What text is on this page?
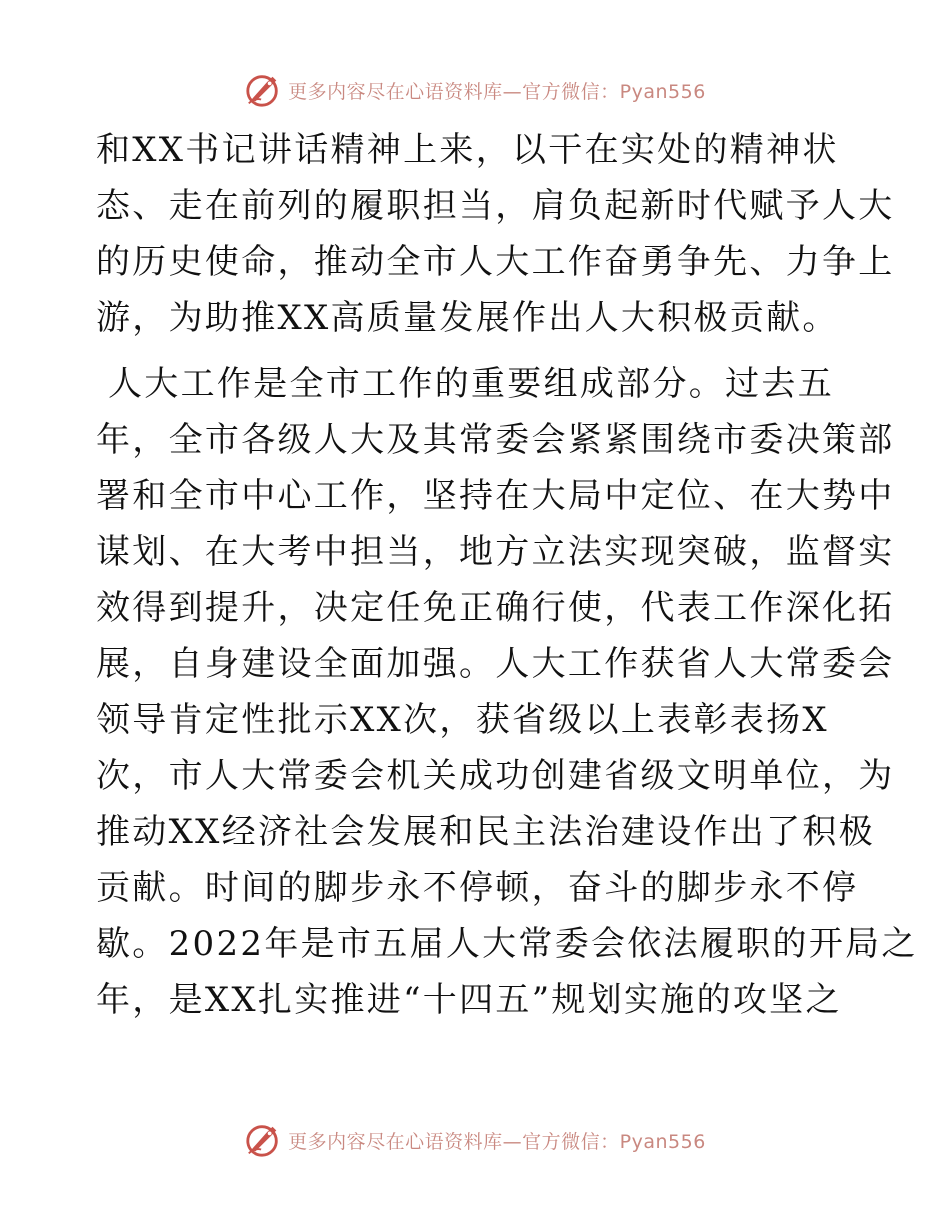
更多内容尽在心语资料库—官方微信：Pyan556

和XX书记讲话精神上来，以干在实处的精神状

态、走在前列的履职担当，肩负起新时代赋予人大

的历史使命，推动全市人大工作奋勇争先、力争上

游，为助推XX高质量发展作出人大积极贡献。

人大工作是全市工作的重要组成部分。过去五

年，全市各级人大及其常委会紧紧围绕市委决策部

署和全市中心工作，坚持在大局中定位、在大势中

谋划、在大考中担当，地方立法实现突破，监督实

效得到提升，决定任免正确行使，代表工作深化拓

展，自身建设全面加强。人大工作获省人大常委会

领导肯定性批示XX次，获省级以上表彰表扬X

次，市人大常委会机关成功创建省级文明单位，为

推动XX经济社会发展和民主法治建设作出了积极

贡献。时间的脚步永不停顿，奋斗的脚步永不停

歇。2022年是市五届人大常委会依法履职的开局之

年，是XX扎实推进“十四五”规划实施的攻坚之

更多内容尽在心语资料库—官方微信：Pyan556
